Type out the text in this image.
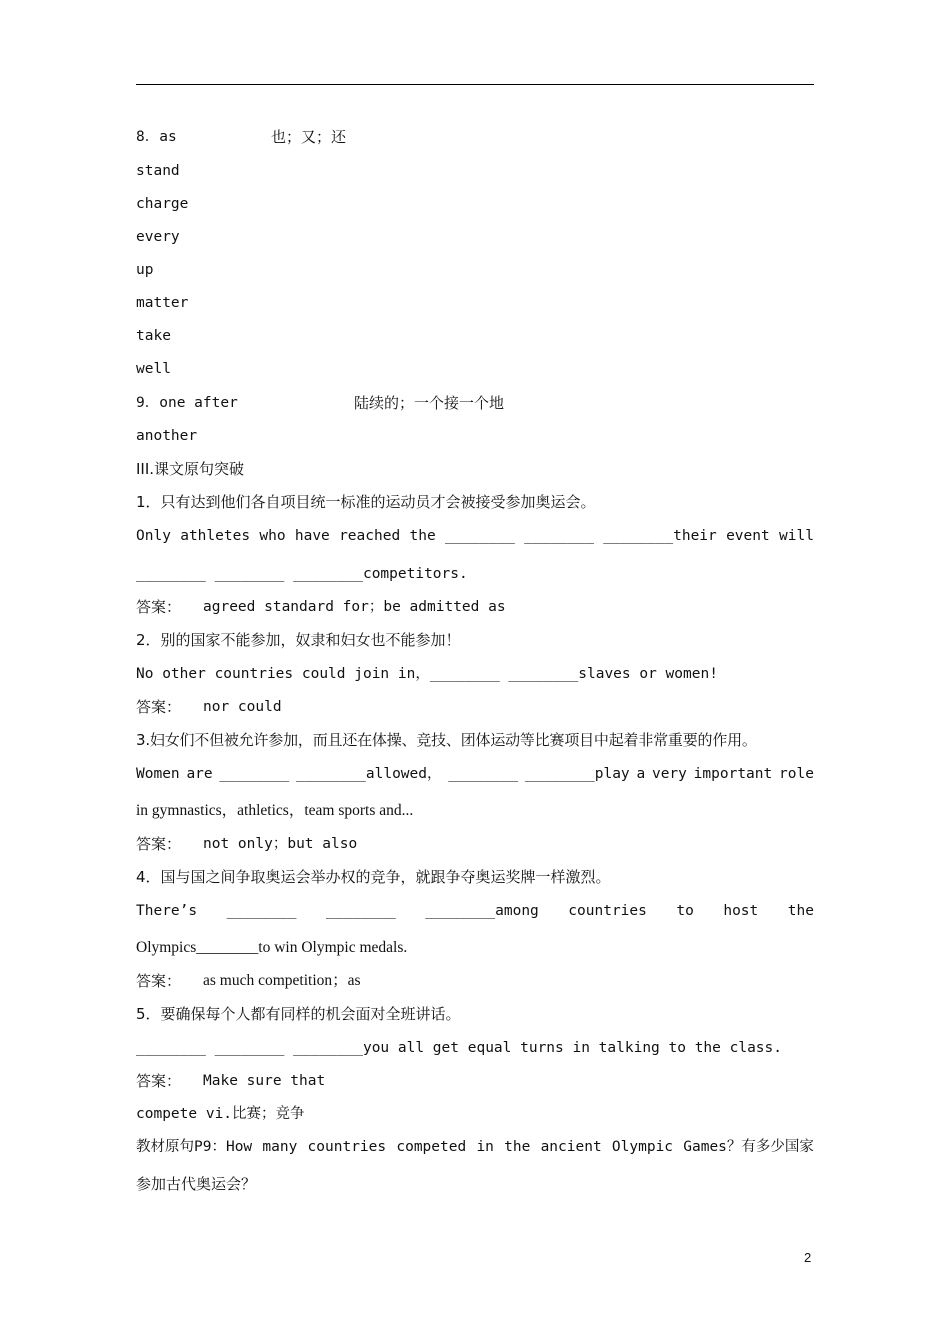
8．as	也；又；还
stand
charge
every
up
matter
take
well
9．one after	陆续的；一个接一个地
another
III.课文原句突破
1．只有达到他们各自项目统一标准的运动员才会被接受参加奥运会。
Only athletes who have reached the ________ ________ ________their event will
________ ________ ________competitors.
答案： agreed standard for；be admitted as
2．别的国家不能参加，奴隶和妇女也不能参加！
No other countries could join in，________ ________slaves or women!
答案： nor could
3.妇女们不但被允许参加，而且还在体操、竞技、团体运动等比赛项目中起着非常重要的作用。
Women are ________ ________allowed， ________ ________play a very important role
in gymnastics，athletics，team sports and...
答案： not only；but also
4．国与国之间争取奥运会举办权的竞争，就跟争夺奥运奖牌一样激烈。
There’s ________ ________ ________among countries to host the
Olympics________to win Olympic medals.
答案： as much competition；as
5．要确保每个人都有同样的机会面对全班讲话。
________ ________ ________you all get equal turns in talking to the class.
答案： Make sure that
compete vi.比赛；竞争
教材原句P9：How many countries competed in the ancient Olympic Games？有多少国家
参加古代奥运会？
2
